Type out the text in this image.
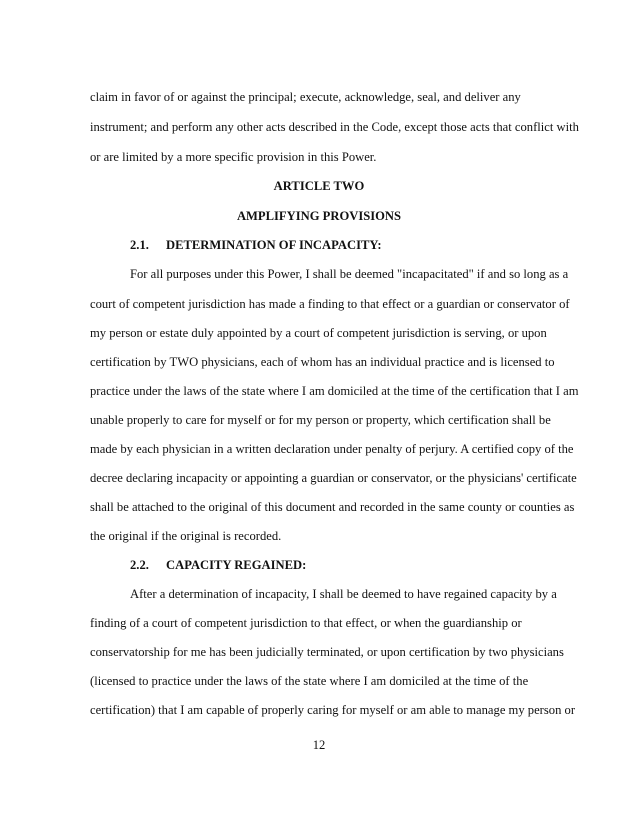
claim in favor of or against the principal; execute, acknowledge, seal, and deliver any
instrument; and perform any other acts described in the Code, except those acts that conflict with
or are limited by a more specific provision in this Power.
ARTICLE TWO
AMPLIFYING PROVISIONS
2.1. DETERMINATION OF INCAPACITY:
For all purposes under this Power, I shall be deemed "incapacitated" if and so long as a
court of competent jurisdiction has made a finding to that effect or a guardian or conservator of
my person or estate duly appointed by a court of competent jurisdiction is serving, or upon
certification by TWO physicians, each of whom has an individual practice and is licensed to
practice under the laws of the state where I am domiciled at the time of the certification that I am
unable properly to care for myself or for my person or property, which certification shall be
made by each physician in a written declaration under penalty of perjury. A certified copy of the
decree declaring incapacity or appointing a guardian or conservator, or the physicians' certificate
shall be attached to the original of this document and recorded in the same county or counties as
the original if the original is recorded.
2.2. CAPACITY REGAINED:
After a determination of incapacity, I shall be deemed to have regained capacity by a
finding of a court of competent jurisdiction to that effect, or when the guardianship or
conservatorship for me has been judicially terminated, or upon certification by two physicians
(licensed to practice under the laws of the state where I am domiciled at the time of the
certification) that I am capable of properly caring for myself or am able to manage my person or
12
